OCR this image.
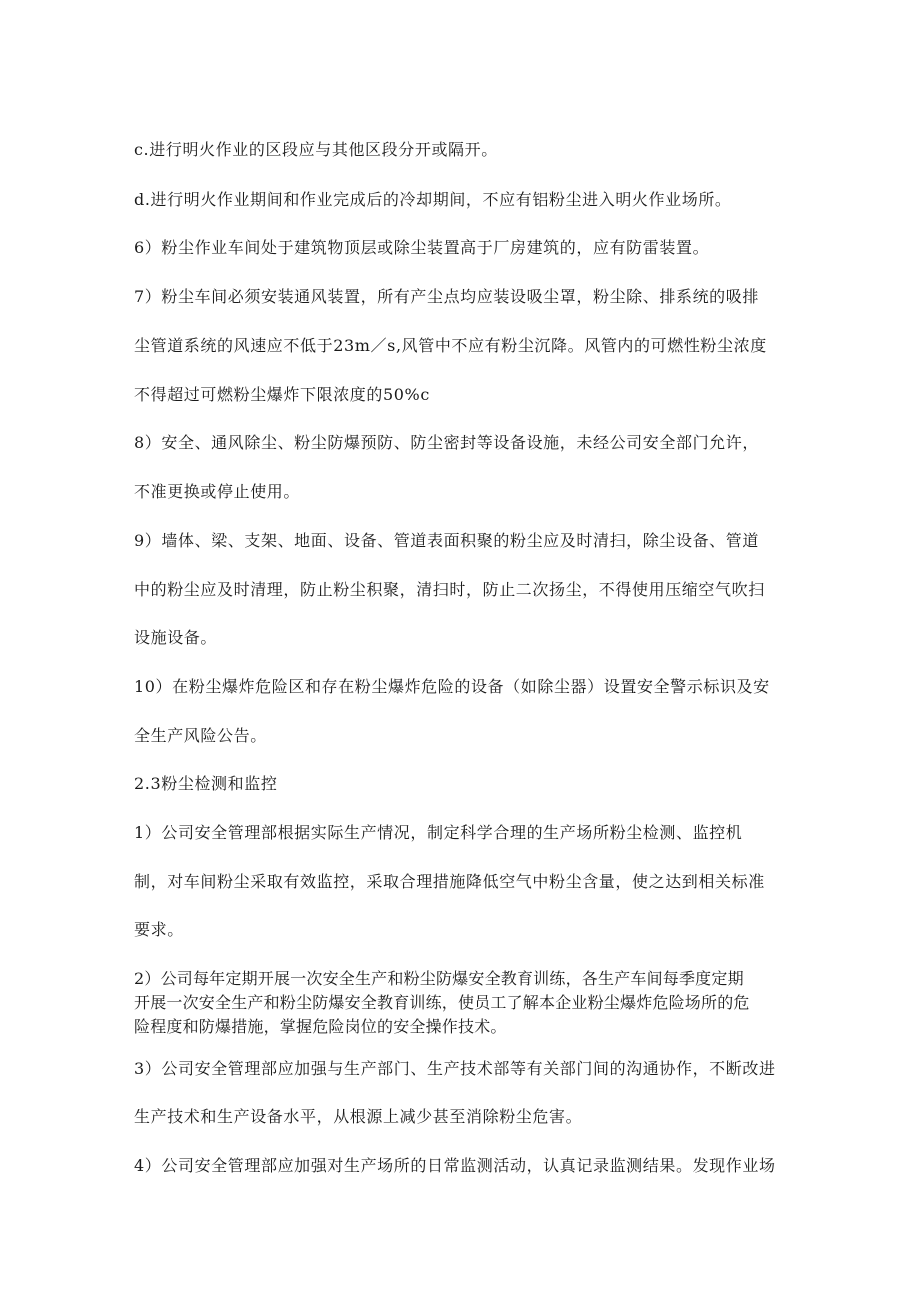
c.进行明火作业的区段应与其他区段分开或隔开。

d.进行明火作业期间和作业完成后的冷却期间，不应有铝粉尘进入明火作业场所。

6）粉尘作业车间处于建筑物顶层或除尘装置高于厂房建筑的，应有防雷装置。

7）粉尘车间必须安装通风装置，所有产尘点均应装设吸尘罩，粉尘除、排系统的吸排

尘管道系统的风速应不低于23m／s,风管中不应有粉尘沉降。风管内的可燃性粉尘浓度

不得超过可燃粉尘爆炸下限浓度的50%c

8）安全、通风除尘、粉尘防爆预防、防尘密封等设备设施，未经公司安全部门允许，

不准更换或停止使用。

9）墙体、梁、支架、地面、设备、管道表面积聚的粉尘应及时清扫，除尘设备、管道

中的粉尘应及时清理，防止粉尘积聚，清扫时，防止二次扬尘，不得使用压缩空气吹扫

设施设备。

10）在粉尘爆炸危险区和存在粉尘爆炸危险的设备（如除尘器）设置安全警示标识及安

全生产风险公告。

2.3粉尘检测和监控

1）公司安全管理部根据实际生产情况，制定科学合理的生产场所粉尘检测、监控机

制，对车间粉尘采取有效监控，采取合理措施降低空气中粉尘含量，使之达到相关标准

要求。

2）公司每年定期开展一次安全生产和粉尘防爆安全教育训练，各生产车间每季度定期

开展一次安全生产和粉尘防爆安全教育训练，使员工了解本企业粉尘爆炸危险场所的危

险程度和防爆措施，掌握危险岗位的安全操作技术。

3）公司安全管理部应加强与生产部门、生产技术部等有关部门间的沟通协作，不断改进

生产技术和生产设备水平，从根源上减少甚至消除粉尘危害。

4）公司安全管理部应加强对生产场所的日常监测活动，认真记录监测结果。发现作业场
